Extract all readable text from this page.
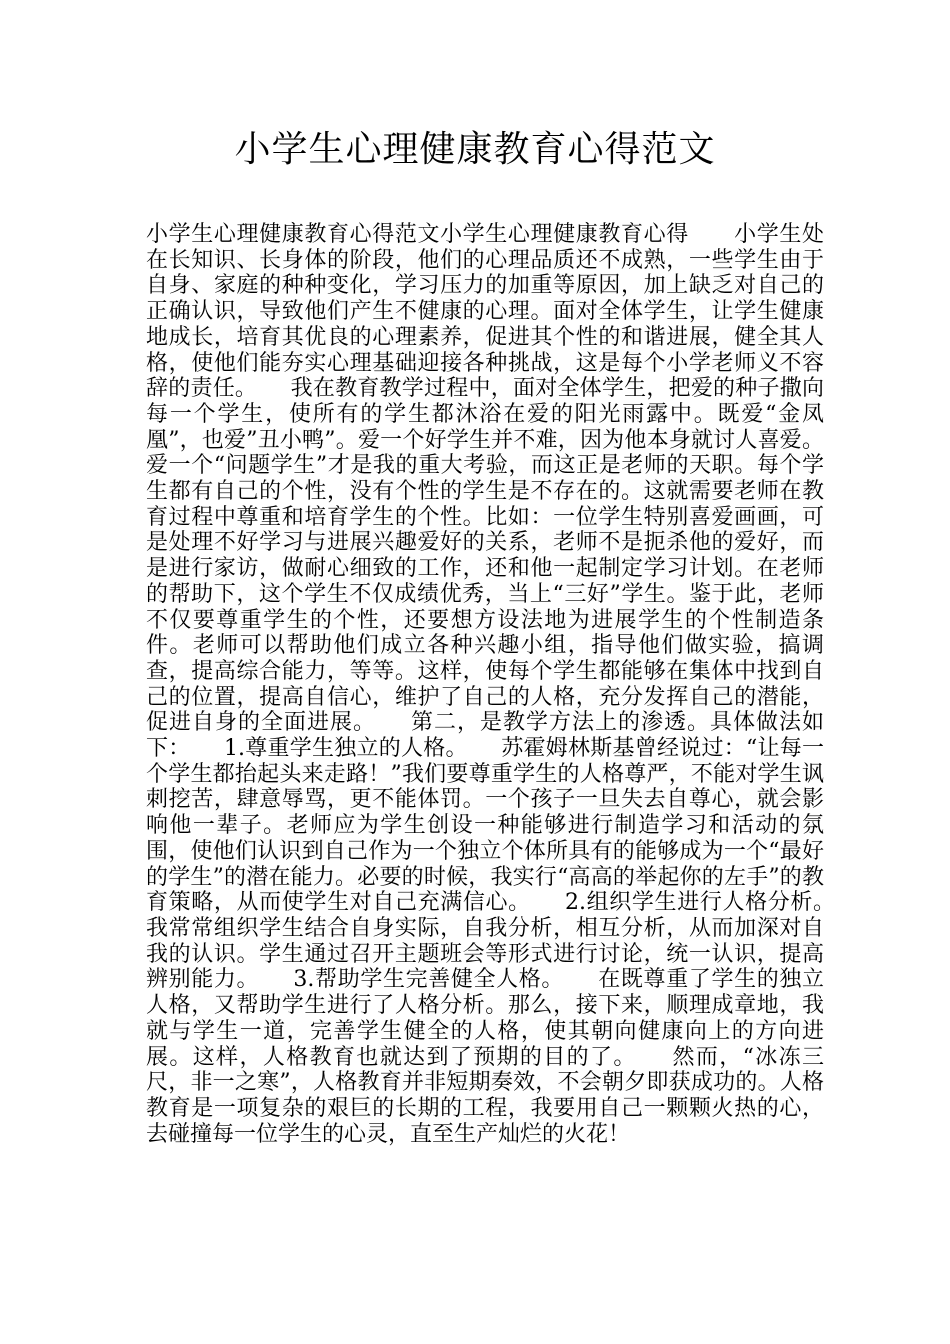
小学生心理健康教育心得范文

小学生心理健康教育心得范文小学生心理健康教育心得　　小学生处在长知识、长身体的阶段，他们的心理品质还不成熟，一些学生由于自身、家庭的种种变化，学习压力的加重等原因，加上缺乏对自己的正确认识，导致他们产生不健康的心理。面对全体学生，让学生健康地成长，培育其优良的心理素养，促进其个性的和谐进展，健全其人格，使他们能夯实心理基础迎接各种挑战，这是每个小学老师义不容辞的责任。　　我在教育教学过程中，面对全体学生，把爱的种子撒向每一个学生，使所有的学生都沐浴在爱的阳光雨露中。既爱“金凤凰”，也爱”丑小鸭”。爱一个好学生并不难，因为他本身就讨人喜爱。爱一个“问题学生”才是我的重大考验，而这正是老师的天职。每个学生都有自己的个性，没有个性的学生是不存在的。这就需要老师在教育过程中尊重和培育学生的个性。比如：一位学生特别喜爱画画，可是处理不好学习与进展兴趣爱好的关系，老师不是扼杀他的爱好，而是进行家访，做耐心细致的工作，还和他一起制定学习计划。在老师的帮助下，这个学生不仅成绩优秀，当上“三好”学生。鉴于此，老师不仅要尊重学生的个性，还要想方设法地为进展学生的个性制造条件。老师可以帮助他们成立各种兴趣小组，指导他们做实验，搞调查，提高综合能力，等等。这样，使每个学生都能够在集体中找到自己的位置，提高自信心，维护了自己的人格，充分发挥自己的潜能，促进自身的全面进展。　　第二，是教学方法上的渗透。具体做法如下：　　1.尊重学生独立的人格。　　苏霍姆林斯基曾经说过：“让每一个学生都抬起头来走路！”我们要尊重学生的人格尊严，不能对学生讽刺挖苦，肆意辱骂，更不能体罚。一个孩子一旦失去自尊心，就会影响他一辈子。老师应为学生创设一种能够进行制造学习和活动的氛围，使他们认识到自己作为一个独立个体所具有的能够成为一个“最好的学生”的潜在能力。必要的时候，我实行“高高的举起你的左手”的教育策略，从而使学生对自己充满信心。　　2.组织学生进行人格分析。　　我常常组织学生结合自身实际，自我分析，相互分析，从而加深对自我的认识。学生通过召开主题班会等形式进行讨论，统一认识，提高辨别能力。　　3.帮助学生完善健全人格。　　在既尊重了学生的独立人格，又帮助学生进行了人格分析。那么，接下来，顺理成章地，我就与学生一道，完善学生健全的人格，使其朝向健康向上的方向进展。这样，人格教育也就达到了预期的目的了。　　然而，“冰冻三尺，非一之寒”，人格教育并非短期奏效，不会朝夕即获成功的。人格教育是一项复杂的艰巨的长期的工程，我要用自己一颗颗火热的心，去碰撞每一位学生的心灵，直至生产灿烂的火花！
